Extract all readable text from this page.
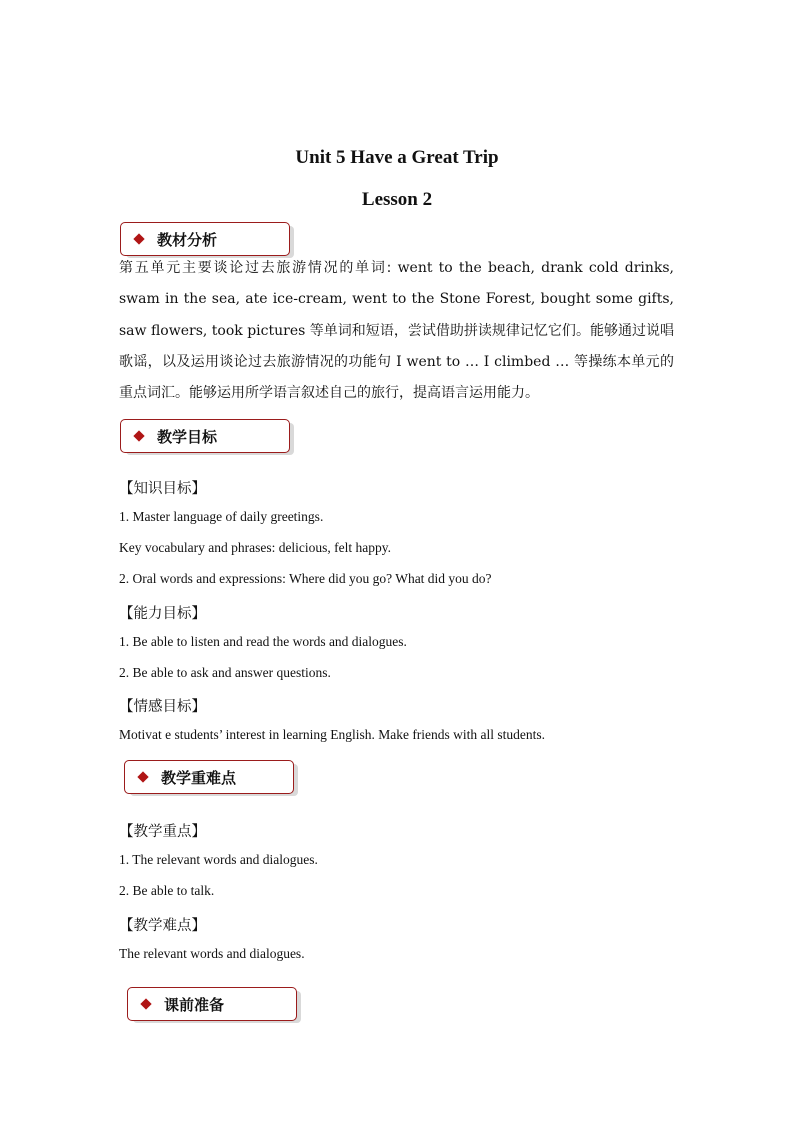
Unit 5 Have a Great Trip
Lesson 2
教材分析
第五单元主要谈论过去旅游情况的单词: went to the beach, drank cold drinks, swam in the sea, ate ice-cream, went to the Stone Forest, bought some gifts, saw flowers, took pictures 等单词和短语，尝试借助拼读规律记忆它们。能够通过说唱歌谣，以及运用谈论过去旅游情况的功能句 I went to … I climbed … 等操练本单元的重点词汇。能够运用所学语言叙述自己的旅行，提高语言运用能力。
教学目标
【知识目标】
1. Master language of daily greetings.
Key vocabulary and phrases: delicious, felt happy.
2. Oral words and expressions: Where did you go? What did you do?
【能力目标】
1. Be able to listen and read the words and dialogues.
2. Be able to ask and answer questions.
【情感目标】
Motivat e students’ interest in learning English. Make friends with all students.
教学重难点
【教学重点】
1. The relevant words and dialogues.
2. Be able to talk.
【教学难点】
The relevant words and dialogues.
课前准备
